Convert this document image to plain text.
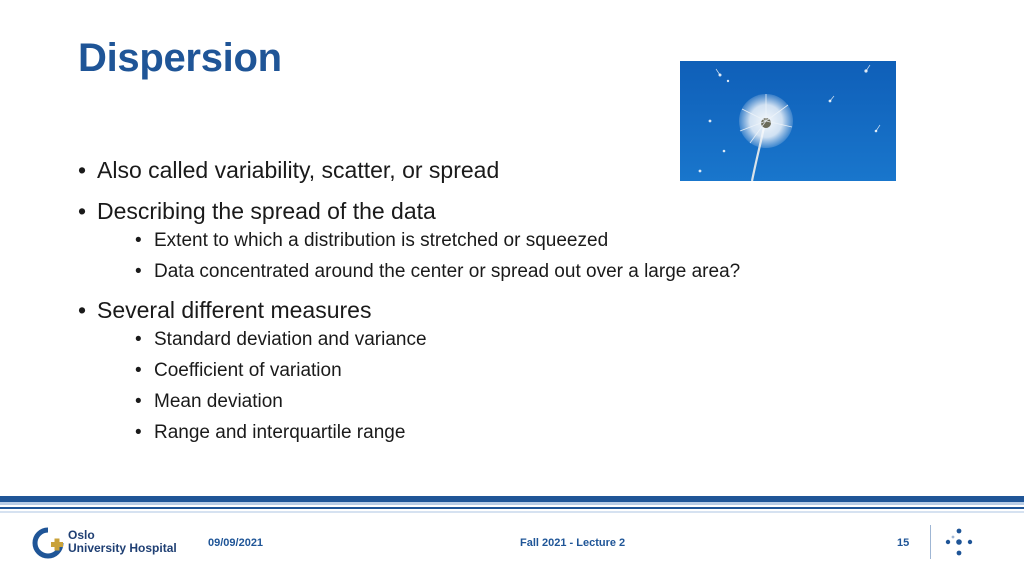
Dispersion
• Also called variability, scatter, or spread
• Describing the spread of the data
• Extent to which a distribution is stretched or squeezed
• Data concentrated around the center or spread out over a large area?
• Several different measures
• Standard deviation and variance
• Coefficient of variation
• Mean deviation
• Range and interquartile range
Oslo
University Hospital	09/09/2021	Fall 2021 - Lecture 2	15
